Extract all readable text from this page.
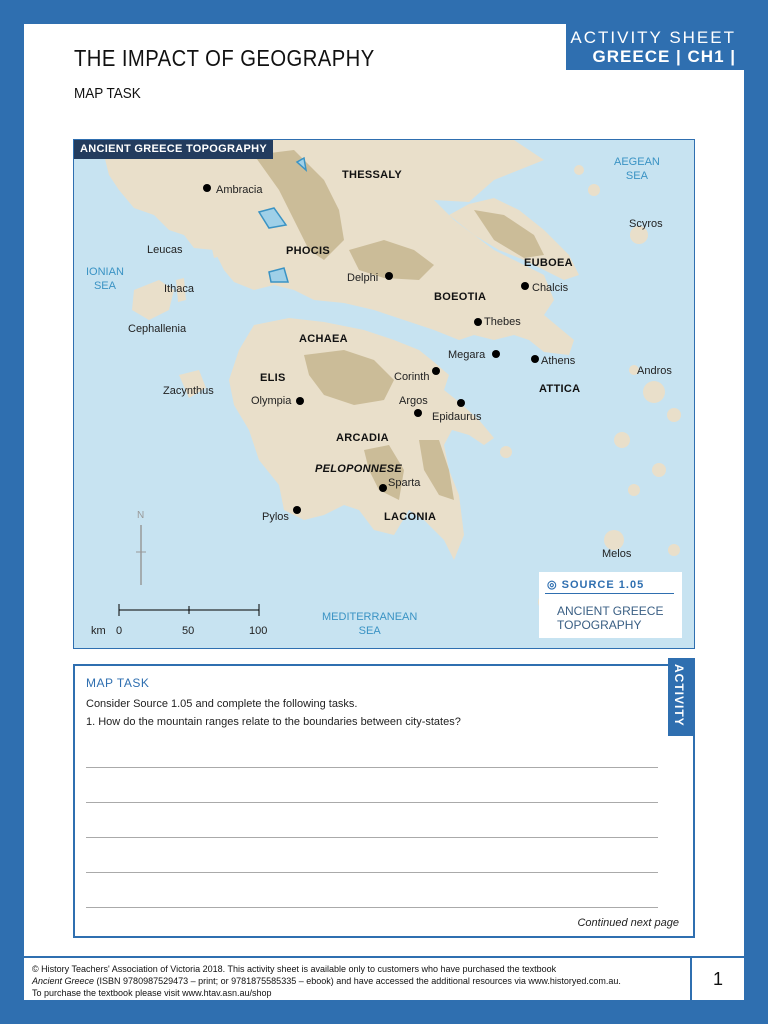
ACTIVITY SHEET
GREECE | CH1 | 01
THE IMPACT OF GEOGRAPHY
MAP TASK
ANCIENT GREECE TOPOGRAPHY
AEGEAN
SEA
IONIAN
SEA
MEDITERRANEAN
SEA
THESSALY
PHOCIS
EUBOEA
BOEOTIA
ACHAEA
ELIS
ATTICA
ARCADIA
PELOPONNESE
LACONIA
Ambracia
Leucas
Ithaca
Cephallenia
Delphi
Chalcis
Thebes
Megara	Athens
Corinth
Zacynthus
Olympia	Argos
Epidaurus
Sparta
Pylos
Scyros
Andros
Melos
N
km 0	50	100
◎ SOURCE 1.05
ANCIENT GREECE
TOPOGRAPHY
MAP TASK
Consider Source 1.05 and complete the following tasks.
1. How do the mountain ranges relate to the boundaries between city-states?
Continued next page
ACTIVITY
© History Teachers' Association of Victoria 2018. This activity sheet is available only to customers who have purchased the textbook
Ancient Greece (ISBN 9780987529473 – print; or 9781875585335 – ebook) and have accessed the additional resources via www.historyed.com.au.
To purchase the textbook please visit www.htav.asn.au/shop
1
